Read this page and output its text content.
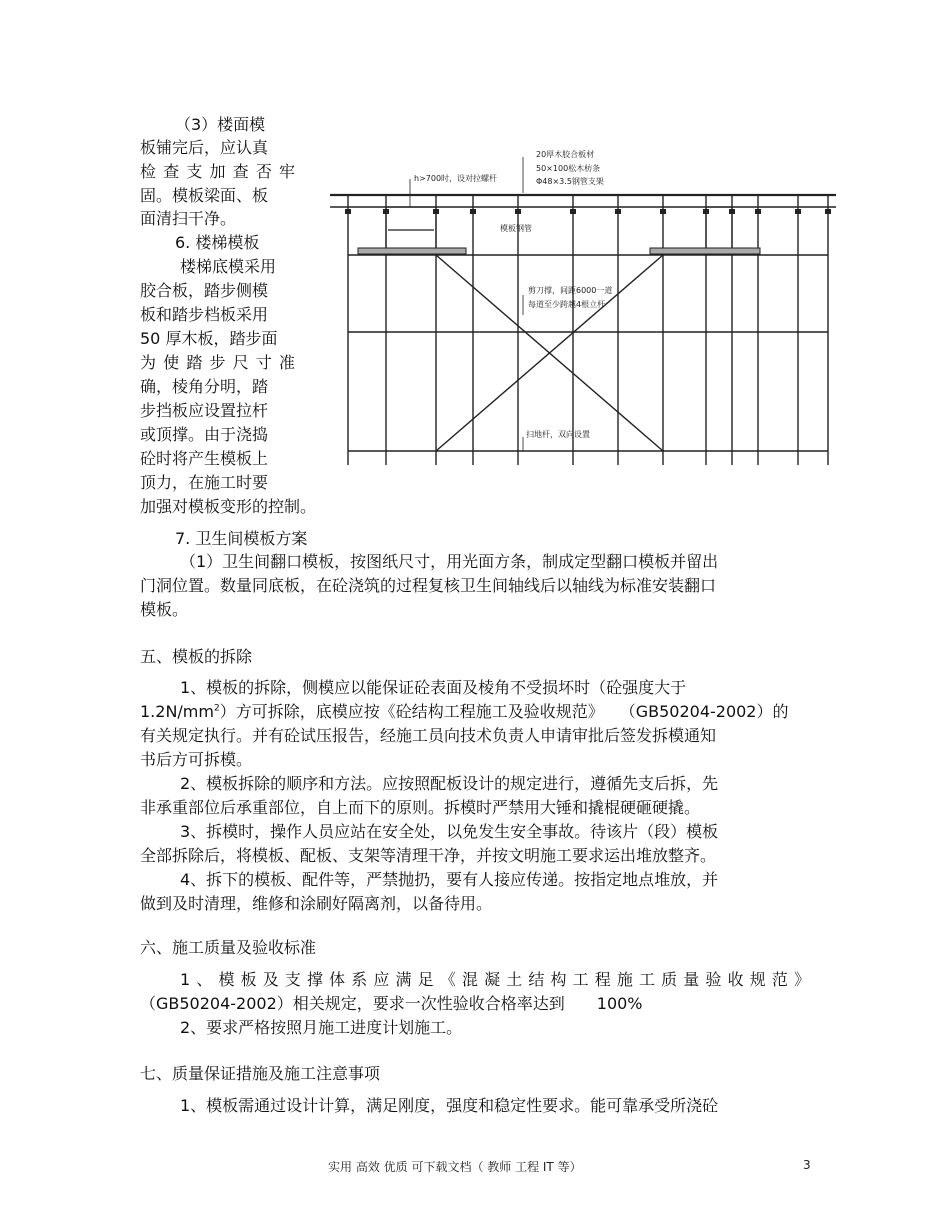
（3）楼面模
板铺完后，应认真
检查支加查否牢
固。模板梁面、板
面清扫干净。
6. 楼梯模板
楼梯底模采用
胶合板，踏步侧模
板和踏步档板采用
50 厚木板，踏步面
为使踏步尺寸准
确，棱角分明，踏
步挡板应设置拉杆
或顶撑。由于浇捣
砼时将产生模板上
顶力，在施工时要
加强对模板变形的控制。
20厚木胶合板材
50×100松木枋条
Φ48×3.5钢管支架
h>700时，设对拉螺杆
模板钢管
剪刀撑，间距6000一道
每道至少跨越4根立杆
扫地杆，双向设置
7. 卫生间模板方案
（1）卫生间翻口模板，按图纸尺寸，用光面方条，制成定型翻口模板并留出
门洞位置。数量同底板，在砼浇筑的过程复核卫生间轴线后以轴线为标准安装翻口
模板。
五、模板的拆除
1、模板的拆除，侧模应以能保证砼表面及棱角不受损坏时（砼强度大于
$1.2N/mm^2$）方可拆除，底模应按《砼结构工程施工及验收规范》　　（GB50204-2002）的
有关规定执行。并有砼试压报告，经施工员向技术负责人申请审批后签发拆模通知
书后方可拆模。
2、模板拆除的顺序和方法。应按照配板设计的规定进行，遵循先支后拆，先
非承重部位后承重部位，自上而下的原则。拆模时严禁用大锤和撬棍硬砸硬撬。
3、拆模时，操作人员应站在安全处，以免发生安全事故。待该片（段）模板
全部拆除后，将模板、配板、支架等清理干净，并按文明施工要求运出堆放整齐。
4、拆下的模板、配件等，严禁抛扔，要有人接应传递。按指定地点堆放，并
做到及时清理，维修和涂刷好隔离剂，以备待用。
六、施工质量及验收标准
1、模板及支撑体系应满足《混凝土结构工程施工质量验收规范》
（GB50204-2002）相关规定，要求一次性验收合格率达到　　100%
2、要求严格按照月施工进度计划施工。
七、质量保证措施及施工注意事项
1、模板需通过设计计算，满足刚度，强度和稳定性要求。能可靠承受所浇砼
实用 高效 优质 可下载文档（ 教师 工程 IT 等）	3
